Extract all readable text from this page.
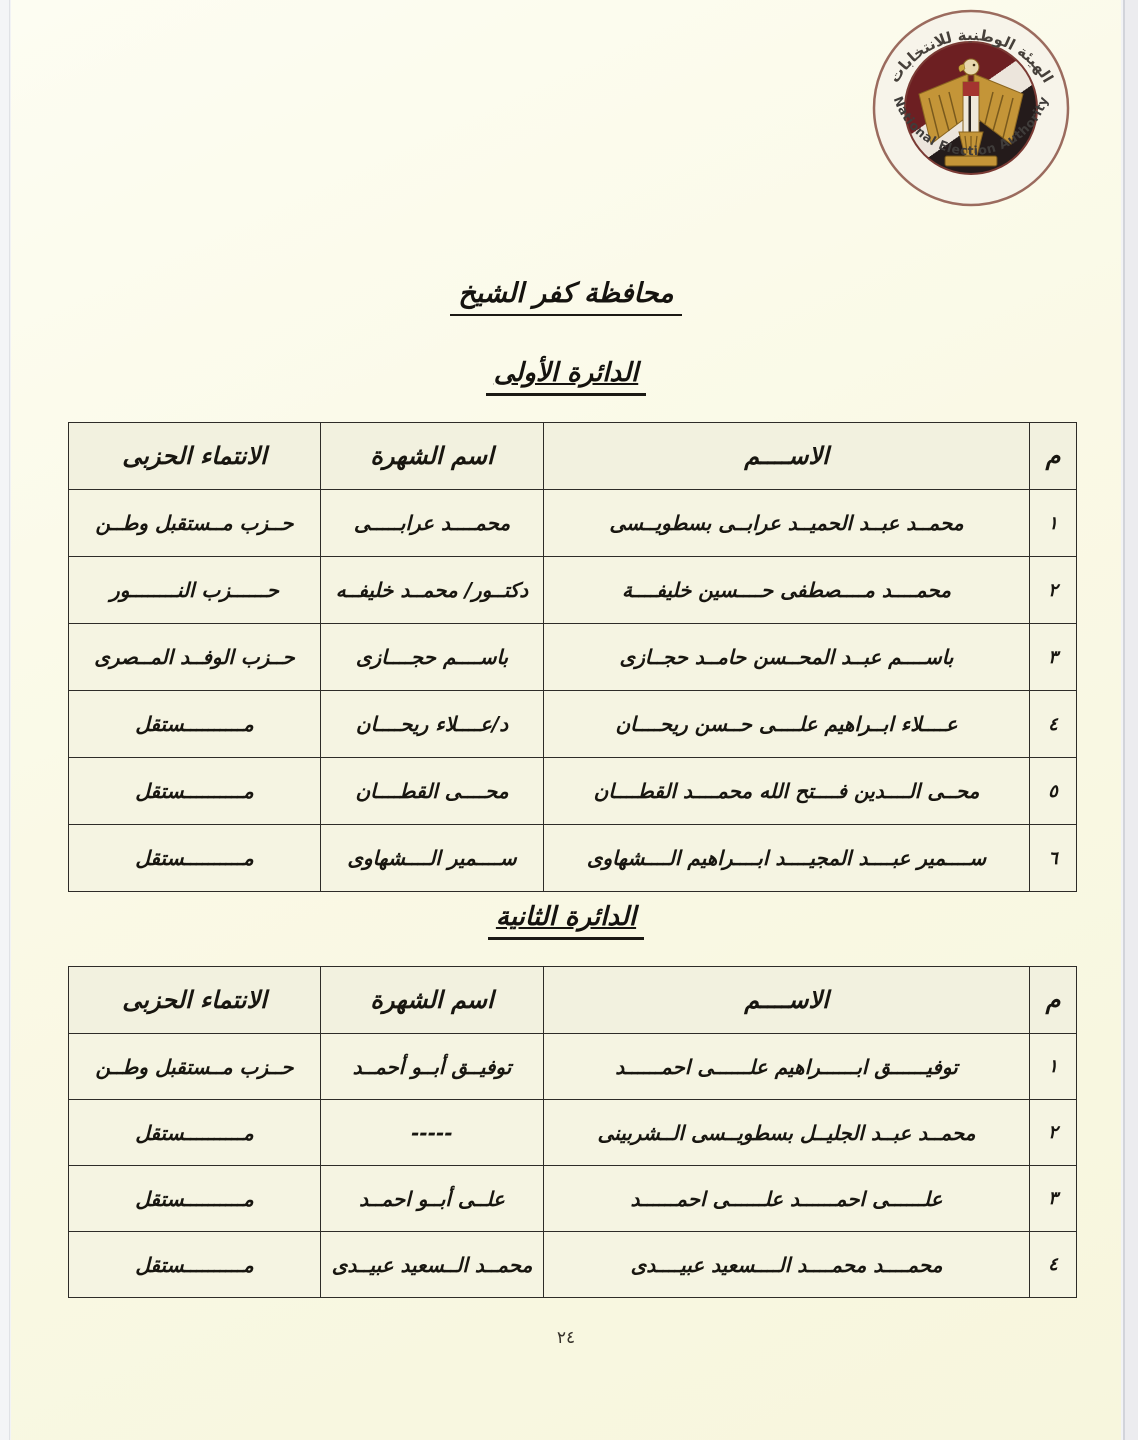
الهيئة الوطنية للانتخابات
National Election Authority
محافظة كفر الشيخ
الدائرة الأولى
م	الاســــم	اسم الشهرة	الانتماء الحزبى
١	محمــد عبــد الحميــد عرابــى بسطويــسى	محمــــد عرابـــــى	حــزب مــستقبل وطــن
٢	محمــــد مــــصطفى حــــسين خليفــــة	دكتــور/ محمــد خليفــه	حــــــزب النــــــــور
٣	باســــم عبــد المحــسن حامــد حجــازى	باســــم حجــــازى	حــزب الوفــد المــصرى
٤	عــــلاء ابــراهيم علــــى حــسن ريحــــان	د/عــــلاء ريحــــان	مــــــــــستقل
٥	محــى الــــدين فــــتح الله محمــــد القطــــان	محــــى القطــــان	مــــــــــستقل
٦	ســــمير عبــــد المجيــــد ابــــراهيم الــــشهاوى	ســــمير الــــشهاوى	مــــــــــستقل
الدائرة الثانية
م	الاســــم	اسم الشهرة	الانتماء الحزبى
١	توفيــــــق ابــــــراهيم علــــــى احمــــــد	توفيــق أبــو أحمــد	حــزب مــستقبل وطــن
٢	محمــد عبــد الجليــل بسطويــسى الــشربينى	-----	مــــــــــستقل
٣	علــــــى احمــــــد علــــــى احمــــــد	علــى أبــو احمــد	مــــــــــستقل
٤	محمــــد محمــــد الــــسعيد عبيــــدى	محمــد الــسعيد عبيــدى	مــــــــــستقل
٢٤
